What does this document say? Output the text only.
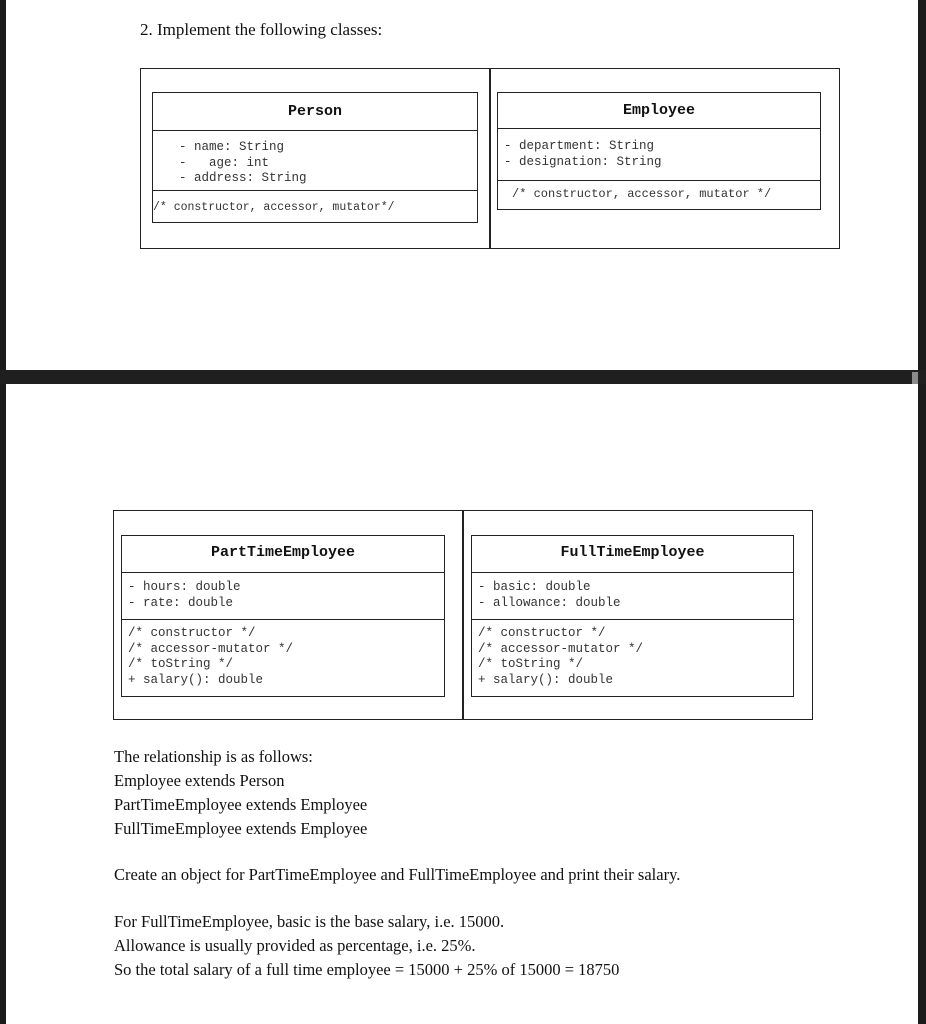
2. Implement the following classes:
Person
- name: String
-   age: int
- address: String
/* constructor, accessor, mutator*/
Employee
- department: String
- designation: String
/* constructor, accessor, mutator */
PartTimeEmployee
- hours: double
- rate: double
/* constructor */
/* accessor-mutator */
/* toString */
+ salary(): double
FullTimeEmployee
- basic: double
- allowance: double
/* constructor */
/* accessor-mutator */
/* toString */
+ salary(): double
The relationship is as follows:
Employee extends Person
PartTimeEmployee extends Employee
FullTimeEmployee extends Employee
Create an object for PartTimeEmployee and FullTimeEmployee and print their salary.
For FullTimeEmployee, basic is the base salary, i.e. 15000.
Allowance is usually provided as percentage, i.e. 25%.
So the total salary of a full time employee = 15000 + 25% of 15000 = 18750
